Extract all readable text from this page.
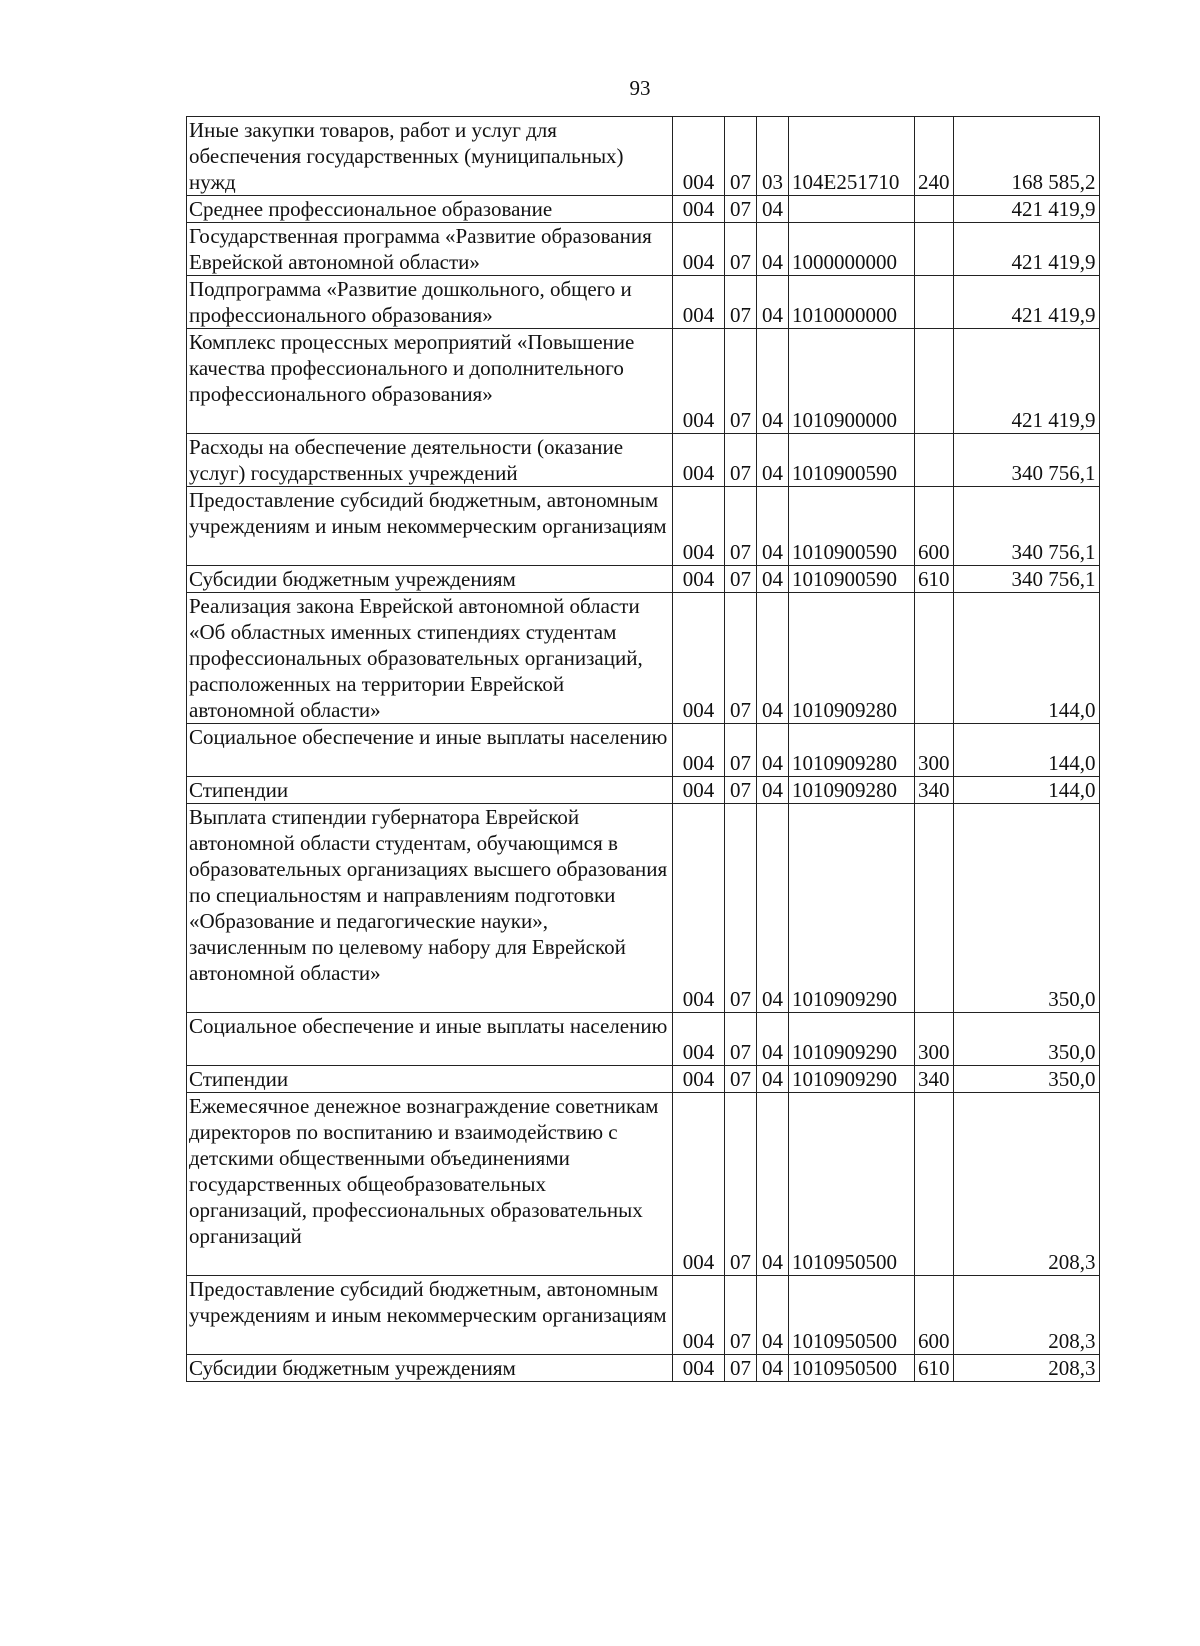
93
Иные закупки товаров, работ и услуг для обеспечения государственных (муниципальных) нужд	004	07	03	104Е251710	240	168 585,2
Среднее профессиональное образование	004	07	04			421 419,9
Государственная программа «Развитие образования Еврейской автономной области»	004	07	04	1000000000		421 419,9
Подпрограмма «Развитие дошкольного, общего и профессионального образования»	004	07	04	1010000000		421 419,9
Комплекс процессных мероприятий «Повышение качества профессионального и дополнительного профессионального образования»	004	07	04	1010900000		421 419,9
Расходы на обеспечение деятельности (оказание услуг) государственных учреждений	004	07	04	1010900590		340 756,1
Предоставление субсидий бюджетным, автономным учреждениям и иным некоммерческим организациям	004	07	04	1010900590	600	340 756,1
Субсидии бюджетным учреждениям	004	07	04	1010900590	610	340 756,1
Реализация закона Еврейской автономной области «Об областных именных стипендиях студентам профессиональных образовательных организаций, расположенных на территории Еврейской автономной области»	004	07	04	1010909280		144,0
Социальное обеспечение и иные выплаты населению	004	07	04	1010909280	300	144,0
Стипендии	004	07	04	1010909280	340	144,0
Выплата стипендии губернатора Еврейской автономной области студентам, обучающимся в образовательных организациях высшего образования по специальностям и направлениям подготовки «Образование и педагогические науки», зачисленным по целевому набору для Еврейской автономной области»	004	07	04	1010909290		350,0
Социальное обеспечение и иные выплаты населению	004	07	04	1010909290	300	350,0
Стипендии	004	07	04	1010909290	340	350,0
Ежемесячное денежное вознаграждение советникам директоров по воспитанию и взаимодействию с детскими общественными объединениями государственных общеобразовательных организаций, профессиональных образовательных организаций	004	07	04	1010950500		208,3
Предоставление субсидий бюджетным, автономным учреждениям и иным некоммерческим организациям	004	07	04	1010950500	600	208,3
Субсидии бюджетным учреждениям	004	07	04	1010950500	610	208,3
